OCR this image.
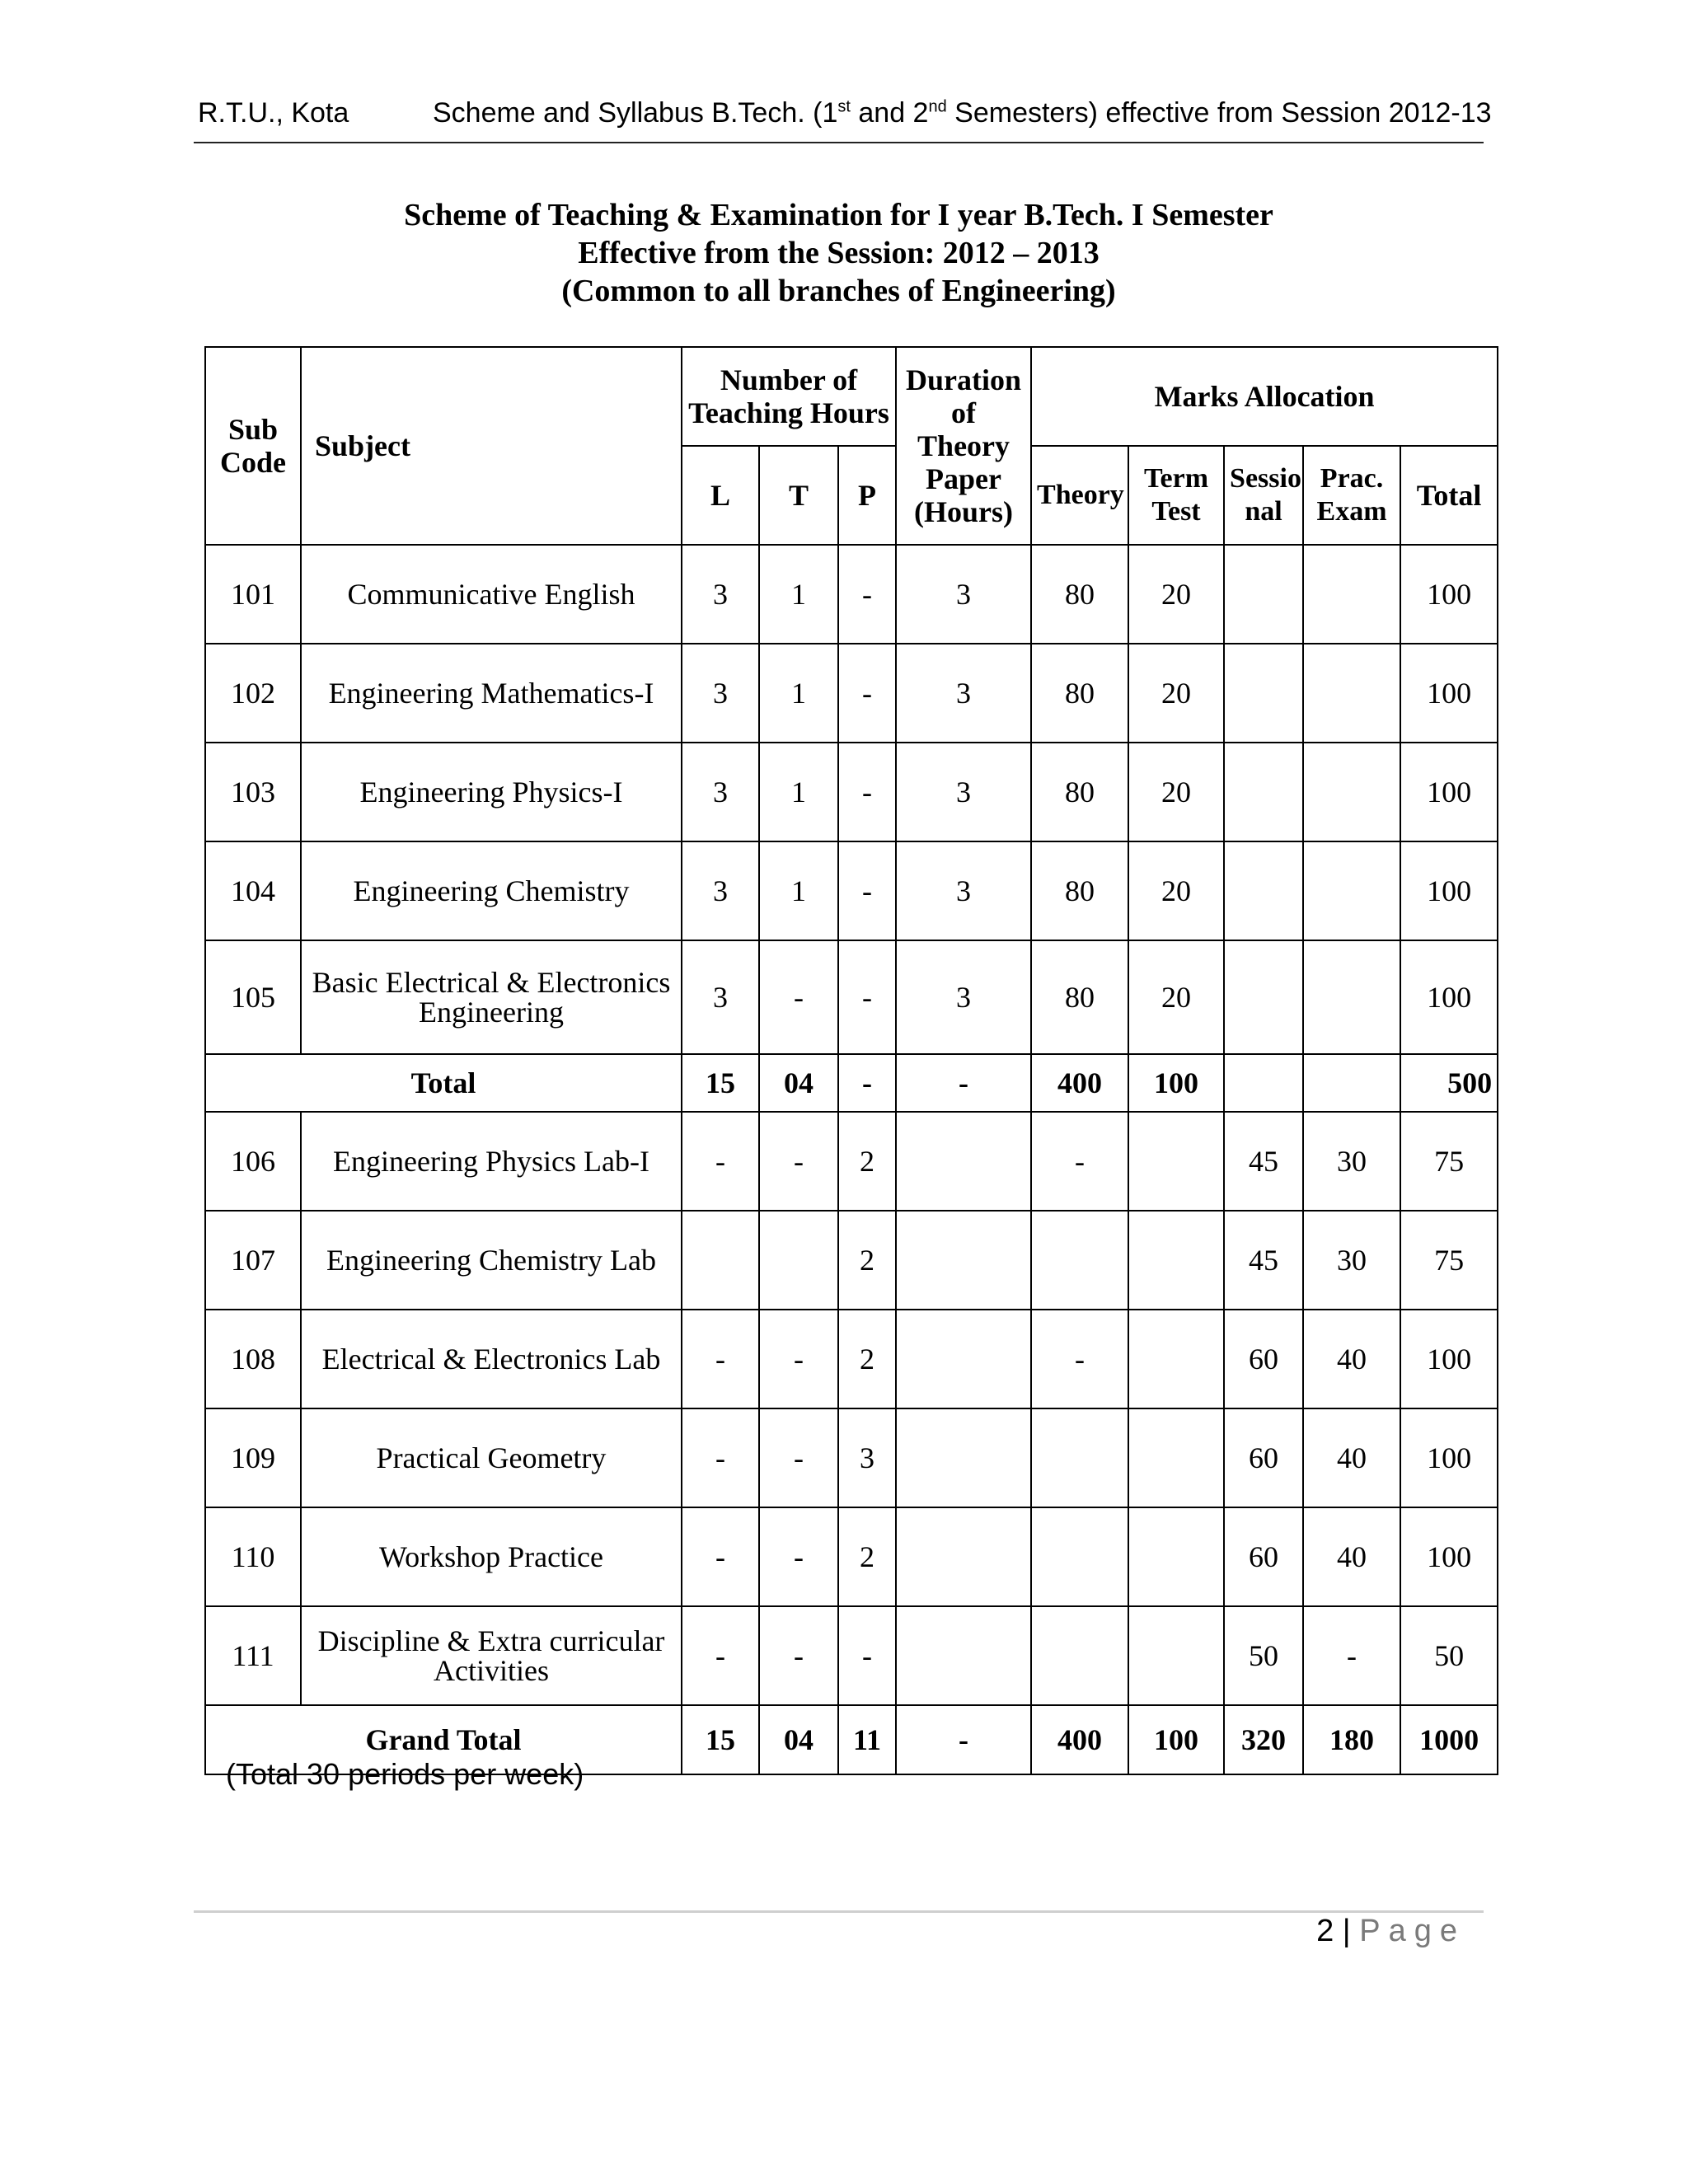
R.T.U., Kota	Scheme and Syllabus B.Tech. (1st and 2nd Semesters) effective from Session 2012-13
Scheme of Teaching & Examination for I year B.Tech. I Semester
Effective from the Session: 2012 – 2013
(Common to all branches of Engineering)
Sub Code	Subject	Number of Teaching Hours			Duration of Theory Paper (Hours)	Marks Allocation				
		L	T	P		Theory	Term Test	Sessio nal	Prac. Exam	Total
101	Communicative English	3	1	-	3	80	20			100
102	Engineering Mathematics-I	3	1	-	3	80	20			100
103	Engineering Physics-I	3	1	-	3	80	20			100
104	Engineering Chemistry	3	1	-	3	80	20			100
105	Basic Electrical & Electronics Engineering	3	-	-	3	80	20			100
Total		15	04	-	-	400	100			500
106	Engineering Physics Lab-I	-	-	2		-		45	30	75
107	Engineering Chemistry Lab			2				45	30	75
108	Electrical & Electronics Lab	-	-	2		-		60	40	100
109	Practical Geometry	-	-	3				60	40	100
110	Workshop Practice	-	-	2				60	40	100
111	Discipline & Extra curricular Activities	-	-	-				50	-	50
Grand Total		15	04	11	-	400	100	320	180	1000
(Total 30 periods per week)
2 | Page
